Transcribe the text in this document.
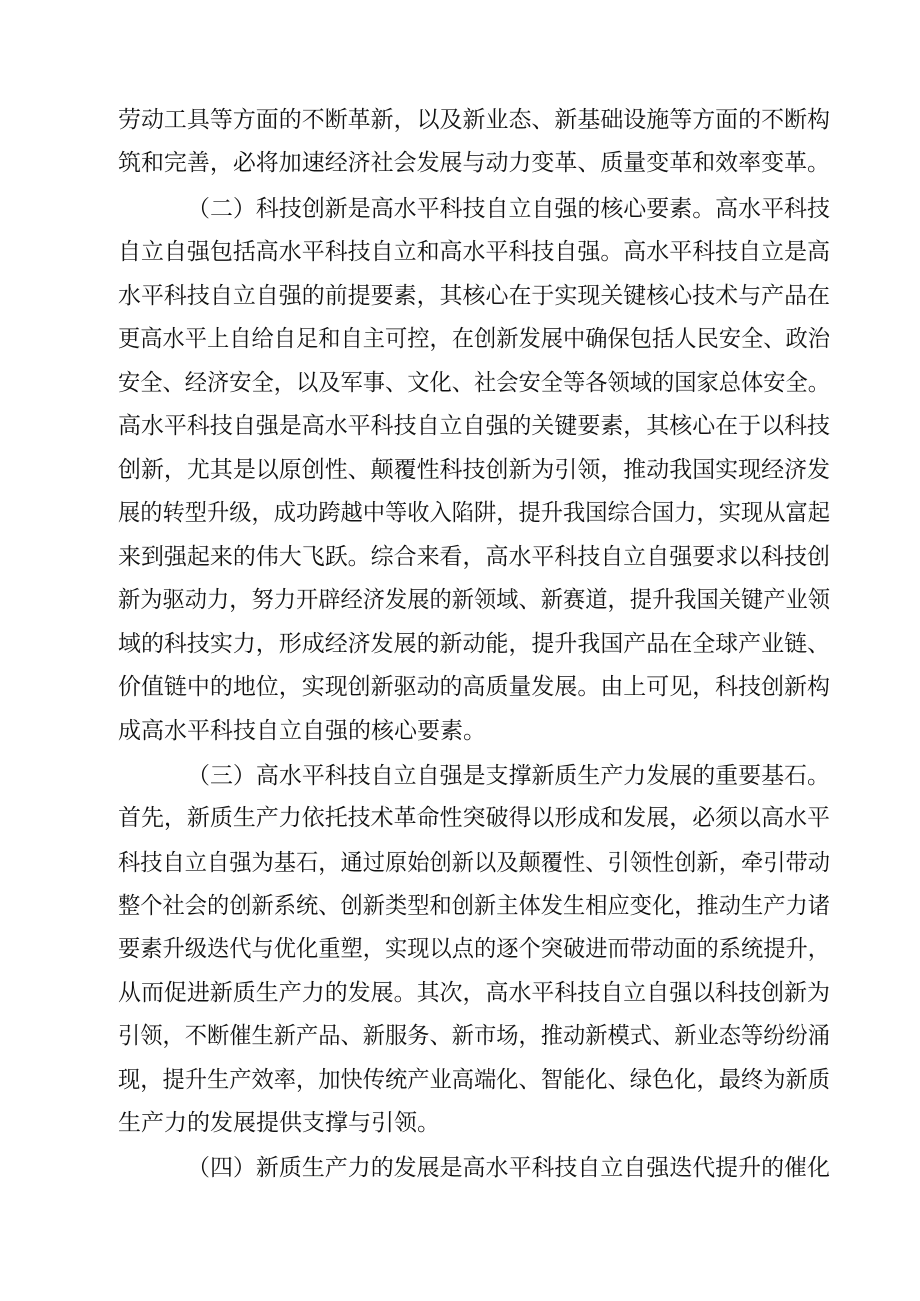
劳动工具等方面的不断革新，以及新业态、新基础设施等方面的不断构
筑和完善，必将加速经济社会发展与动力变革、质量变革和效率变革。
（二）科技创新是高水平科技自立自强的核心要素。高水平科技
自立自强包括高水平科技自立和高水平科技自强。高水平科技自立是高
水平科技自立自强的前提要素，其核心在于实现关键核心技术与产品在
更高水平上自给自足和自主可控，在创新发展中确保包括人民安全、政治
安全、经济安全，以及军事、文化、社会安全等各领域的国家总体安全。
高水平科技自强是高水平科技自立自强的关键要素，其核心在于以科技
创新，尤其是以原创性、颠覆性科技创新为引领，推动我国实现经济发
展的转型升级，成功跨越中等收入陷阱，提升我国综合国力，实现从富起
来到强起来的伟大飞跃。综合来看，高水平科技自立自强要求以科技创
新为驱动力，努力开辟经济发展的新领域、新赛道，提升我国关键产业领
域的科技实力，形成经济发展的新动能，提升我国产品在全球产业链、
价值链中的地位，实现创新驱动的高质量发展。由上可见，科技创新构
成高水平科技自立自强的核心要素。
（三）高水平科技自立自强是支撑新质生产力发展的重要基石。
首先，新质生产力依托技术革命性突破得以形成和发展，必须以高水平
科技自立自强为基石，通过原始创新以及颠覆性、引领性创新，牵引带动
整个社会的创新系统、创新类型和创新主体发生相应变化，推动生产力诸
要素升级迭代与优化重塑，实现以点的逐个突破进而带动面的系统提升，
从而促进新质生产力的发展。其次，高水平科技自立自强以科技创新为
引领，不断催生新产品、新服务、新市场，推动新模式、新业态等纷纷涌
现，提升生产效率，加快传统产业高端化、智能化、绿色化，最终为新质
生产力的发展提供支撑与引领。
（四）新质生产力的发展是高水平科技自立自强迭代提升的催化
